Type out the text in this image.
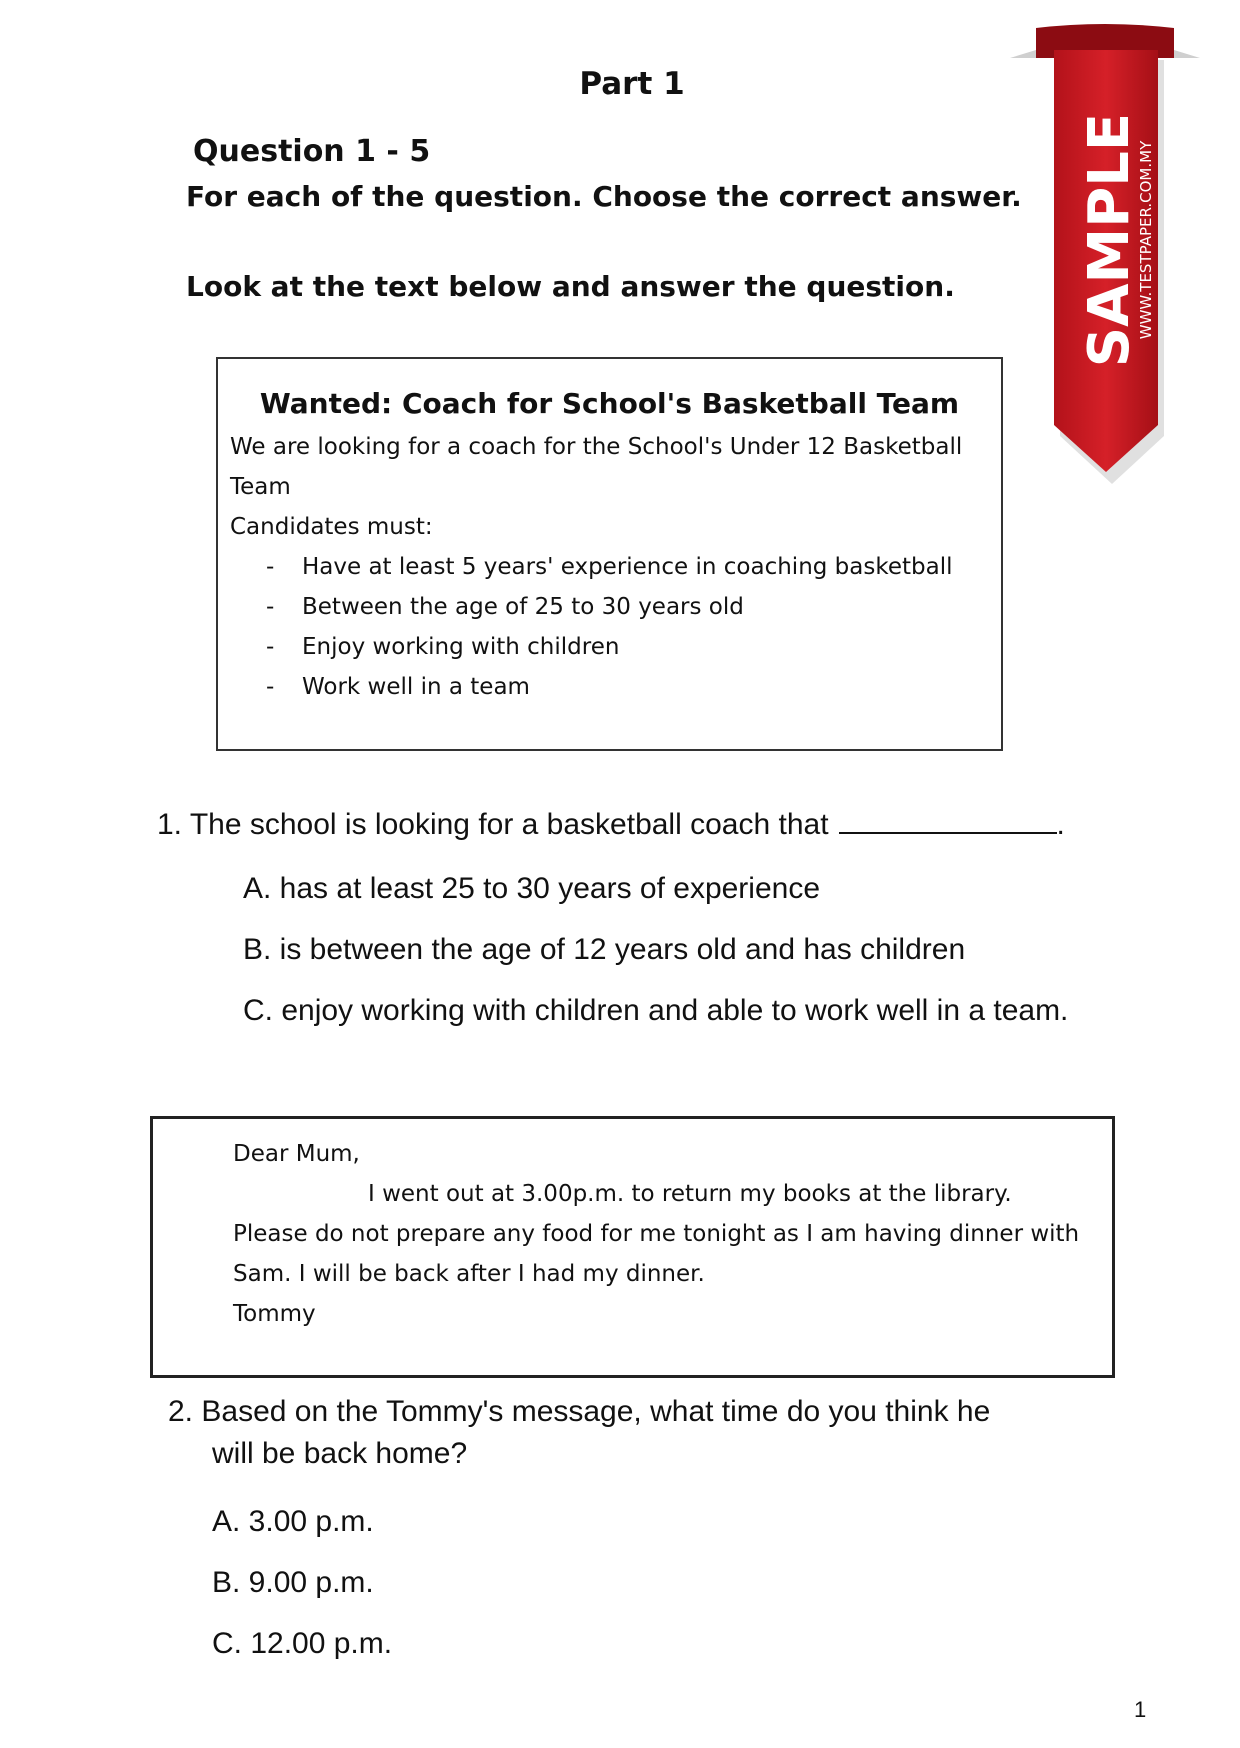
Part 1
Question 1 - 5
For each of the question. Choose the correct answer.
Look at the text below and answer the question.
Wanted: Coach for School's Basketball Team
We are looking for a coach for the School's Under 12 Basketball
Team
Candidates must:
- Have at least 5 years' experience in coaching basketball
- Between the age of 25 to 30 years old
- Enjoy working with children
- Work well in a team
1. The school is looking for a basketball coach that	.
A. has at least 25 to 30 years of experience
B. is between the age of 12 years old and has children
C. enjoy working with children and able to work well in a team.
Dear Mum,
I went out at 3.00p.m. to return my books at the library.
Please do not prepare any food for me tonight as I am having dinner with
Sam. I will be back after I had my dinner.
Tommy
2. Based on the Tommy's message, what time do you think he
will be back home?
A. 3.00 p.m.
B. 9.00 p.m.
C. 12.00 p.m.
SAMPLE
WWW.TESTPAPER.COM.MY
1
